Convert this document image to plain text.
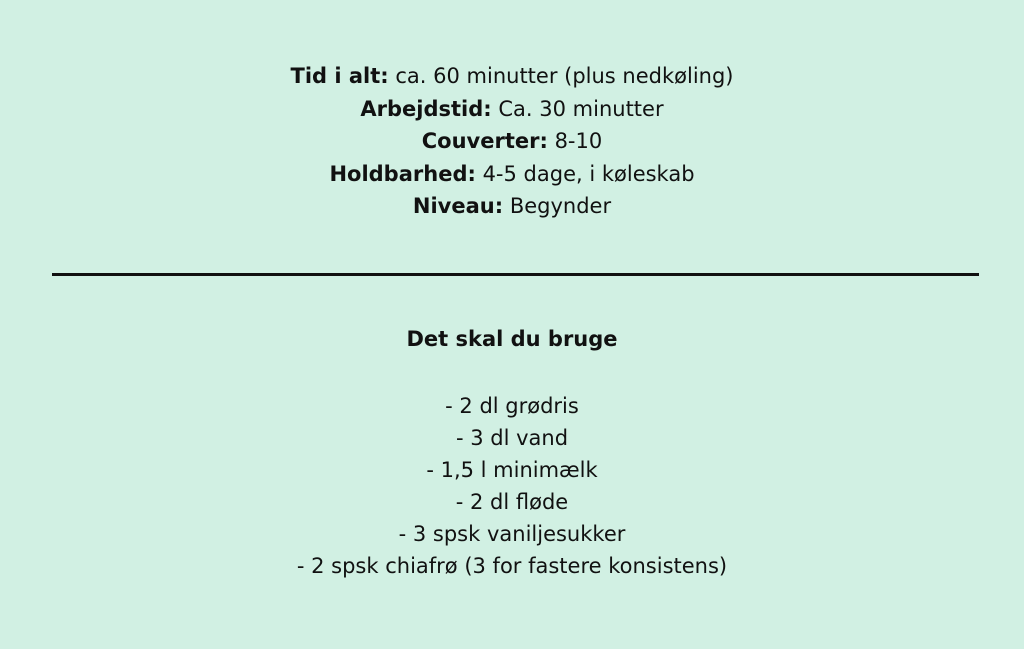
Tid i alt: ca. 60 minutter (plus nedkøling)
Arbejdstid: Ca. 30 minutter
Couverter: 8-10
Holdbarhed: 4-5 dage, i køleskab
Niveau: Begynder
Det skal du bruge
- 2 dl grødris
- 3 dl vand
- 1,5 l minimælk
- 2 dl fløde
- 3 spsk vaniljesukker
- 2 spsk chiafrø (3 for fastere konsistens)
